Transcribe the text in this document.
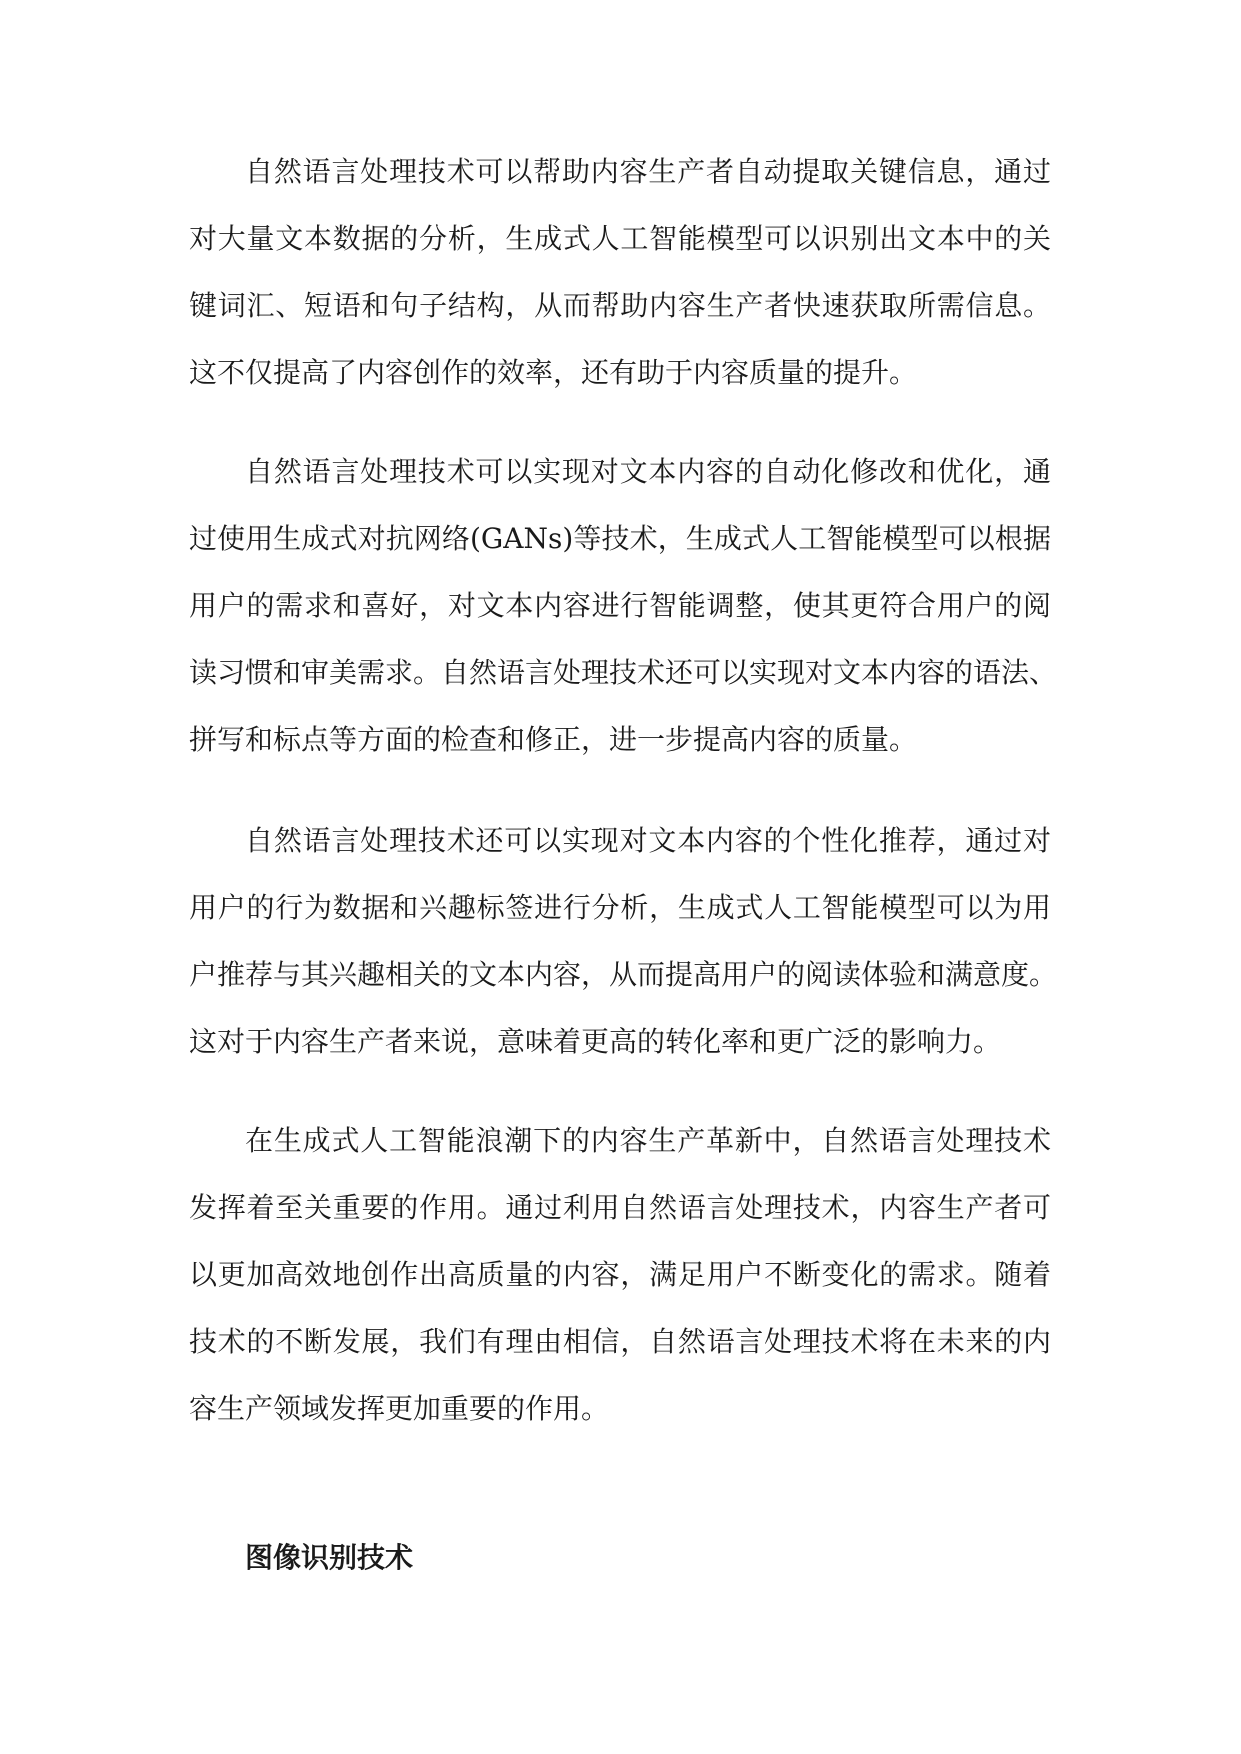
自然语言处理技术可以帮助内容生产者自动提取关键信息，通过
对大量文本数据的分析，生成式人工智能模型可以识别出文本中的关
键词汇、短语和句子结构，从而帮助内容生产者快速获取所需信息。
这不仅提高了内容创作的效率，还有助于内容质量的提升。
自然语言处理技术可以实现对文本内容的自动化修改和优化，通
过使用生成式对抗网络(GANs)等技术，生成式人工智能模型可以根据
用户的需求和喜好，对文本内容进行智能调整，使其更符合用户的阅
读习惯和审美需求。自然语言处理技术还可以实现对文本内容的语法、
拼写和标点等方面的检查和修正，进一步提高内容的质量。
自然语言处理技术还可以实现对文本内容的个性化推荐，通过对
用户的行为数据和兴趣标签进行分析，生成式人工智能模型可以为用
户推荐与其兴趣相关的文本内容，从而提高用户的阅读体验和满意度。
这对于内容生产者来说，意味着更高的转化率和更广泛的影响力。
在生成式人工智能浪潮下的内容生产革新中，自然语言处理技术
发挥着至关重要的作用。通过利用自然语言处理技术，内容生产者可
以更加高效地创作出高质量的内容，满足用户不断变化的需求。随着
技术的不断发展，我们有理由相信，自然语言处理技术将在未来的内
容生产领域发挥更加重要的作用。
图像识别技术
